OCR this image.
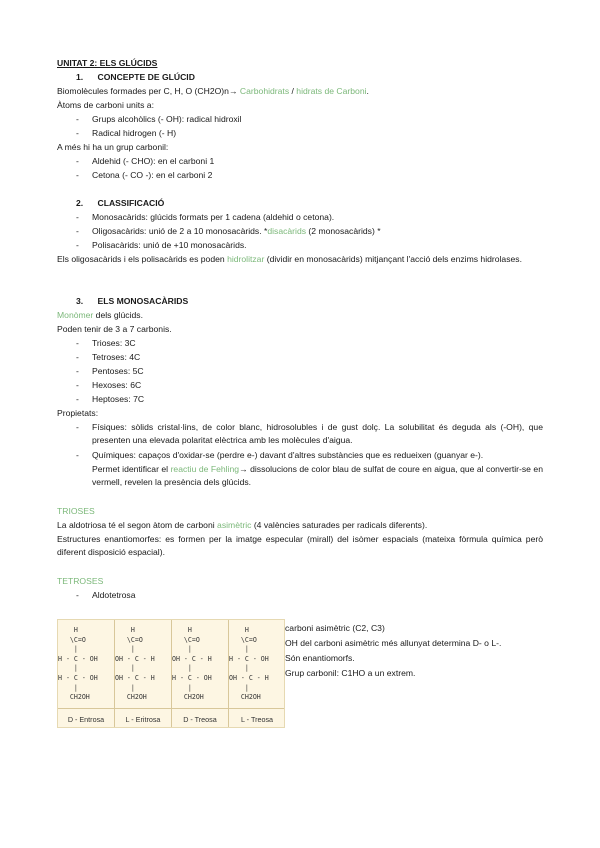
UNITAT 2: ELS GLÚCIDS
1.      CONCEPTE DE GLÚCID
Biomolècules formades per C, H, O (CH2O)n→ Carbohidrats / hidrats de Carboni.
Àtoms de carboni units a:
- Grups alcohòlics (- OH): radical hidroxil
- Radical hidrogen (- H)
A més hi ha un grup carbonil:
- Aldehid (- CHO): en el carboni 1
- Cetona (- CO -): en el carboni 2
2.      CLASSIFICACIÓ
- Monosacàrids: glúcids formats per 1 cadena (aldehid o cetona).
- Oligosacàrids: unió de 2 a 10 monosacàrids. *disacàrids (2 monosacàrids) *
- Polisacàrids: unió de +10 monosacàrids.
Els oligosacàrids i els polisacàrids es poden hidrolitzar (dividir en monosacàrids) mitjançant l'acció dels enzims hidrolases.
3.      ELS MONOSACÀRIDS
Monòmer dels glúcids.
Poden tenir de 3 a 7 carbonis.
- Trioses: 3C
- Tetroses: 4C
- Pentoses: 5C
- Hexoses: 6C
- Heptoses: 7C
Propietats:
- Físiques: sòlids cristal·lins, de color blanc, hidrosolubles i de gust dolç. La solubilitat és deguda als (-OH), que presenten una elevada polaritat elèctrica amb les molècules d'aigua.
- Químiques: capaços d'oxidar-se (perdre e-) davant d'altres substàncies que es redueixen (guanyar e-).
Permet identificar el reactiu de Fehling→ dissolucions de color blau de sulfat de coure en aigua, que al convertir-se en vermell, revelen la presència dels glúcids.
TRIOSES
La aldotriosa té el segon àtom de carboni asimètric (4 valències saturades per radicals diferents).
Estructures enantiomorfes: es formen per la imatge especular (mirall) del isòmer espacials (mateixa fòrmula química però diferent disposició espacial).
TETROSES
- Aldotetrosa
H
\C=O
|
H - C - OH
|
H - C - OH
|
CH2OH
D - Entrosa
H
\C=O
|
OH - C - H
|
OH - C - H
|
CH2OH
L - Eritrosa
H
\C=O
|
OH - C - H
|
H - C - OH
|
CH2OH
D - Treosa
H
\C=O
|
H - C - OH
|
OH - C - H
|
CH2OH
L - Treosa
carboni asimètric (C2, C3)
OH del carboni asimètric més allunyat determina D- o L-.
Són enantiomorfs.
Grup carbonil: C1HO a un extrem.
